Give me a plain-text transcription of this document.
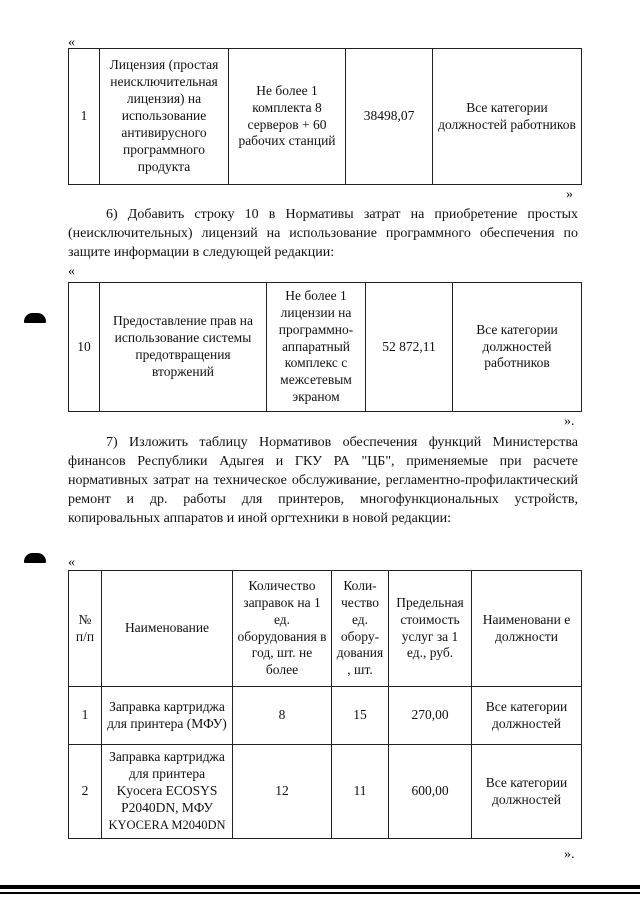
«
1	Лицензия (простая неисключительная лицензия) на использование антивирусного программного продукта	Не более 1 комплекта 8 серверов + 60 рабочих станций	38498,07	Все категории должностей работников
»
6) Добавить строку 10 в Нормативы затрат на приобретение простых (неисключительных) лицензий на использование программного обеспечения по защите информации в следующей редакции:
«
10	Предоставление прав на использование системы предотвращения вторжений	Не более 1 лицензии на программно-аппаратный комплекс с межсетевым экраном	52 872,11	Все категории должностей работников
».
7) Изложить таблицу Нормативов обеспечения функций Министерства финансов Республики Адыгея и ГКУ РА "ЦБ", применяемые при расчете нормативных затрат на техническое обслуживание, регламентно-профилактический ремонт и др. работы для принтеров, многофункциональных устройств, копировальных аппаратов и иной оргтехники в новой редакции:
«
№ п/п	Наименование	Количество заправок на 1 ед. оборудования в год, шт. не более	Коли-чество ед. обору-дования , шт.	Предельная стоимость услуг за 1 ед., руб.	Наименовани е должности
1	Заправка картриджа для принтера (МФУ)	8	15	270,00	Все категории должностей
2	Заправка картриджа для принтера Kyocera ECOSYS P2040DN, МФУ
KYOCERA M2040DN	12	11	600,00	Все категории должностей
».
